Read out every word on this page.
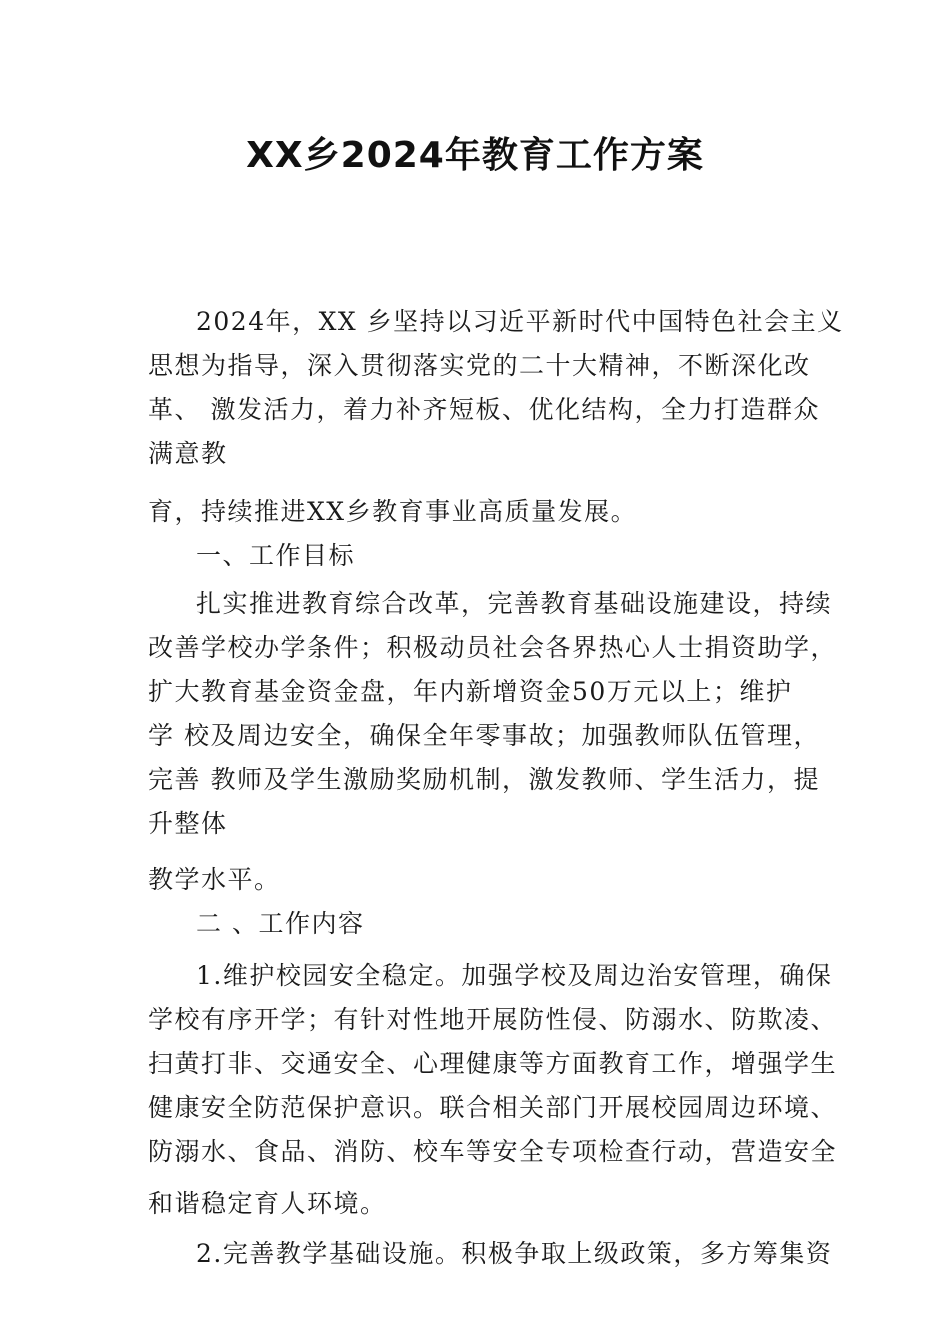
XX乡2024年教育工作方案
2024年，XX 乡坚持以习近平新时代中国特色社会主义
思想为指导，深入贯彻落实党的二十大精神，不断深化改
革、 激发活力，着力补齐短板、优化结构，全力打造群众
满意教
育，持续推进XX乡教育事业高质量发展。
一、工作目标
扎实推进教育综合改革，完善教育基础设施建设，持续
改善学校办学条件；积极动员社会各界热心人士捐资助学，
扩大教育基金资金盘，年内新增资金50万元以上；维护
学 校及周边安全，确保全年零事故；加强教师队伍管理，
完善 教师及学生激励奖励机制，激发教师、学生活力，提
升整体
教学水平。
二 、工作内容
1.维护校园安全稳定。加强学校及周边治安管理，确保
学校有序开学；有针对性地开展防性侵、防溺水、防欺凌、
扫黄打非、交通安全、心理健康等方面教育工作，增强学生
健康安全防范保护意识。联合相关部门开展校园周边环境、
防溺水、食品、消防、校车等安全专项检查行动，营造安全
和谐稳定育人环境。
2.完善教学基础设施。积极争取上级政策，多方筹集资
